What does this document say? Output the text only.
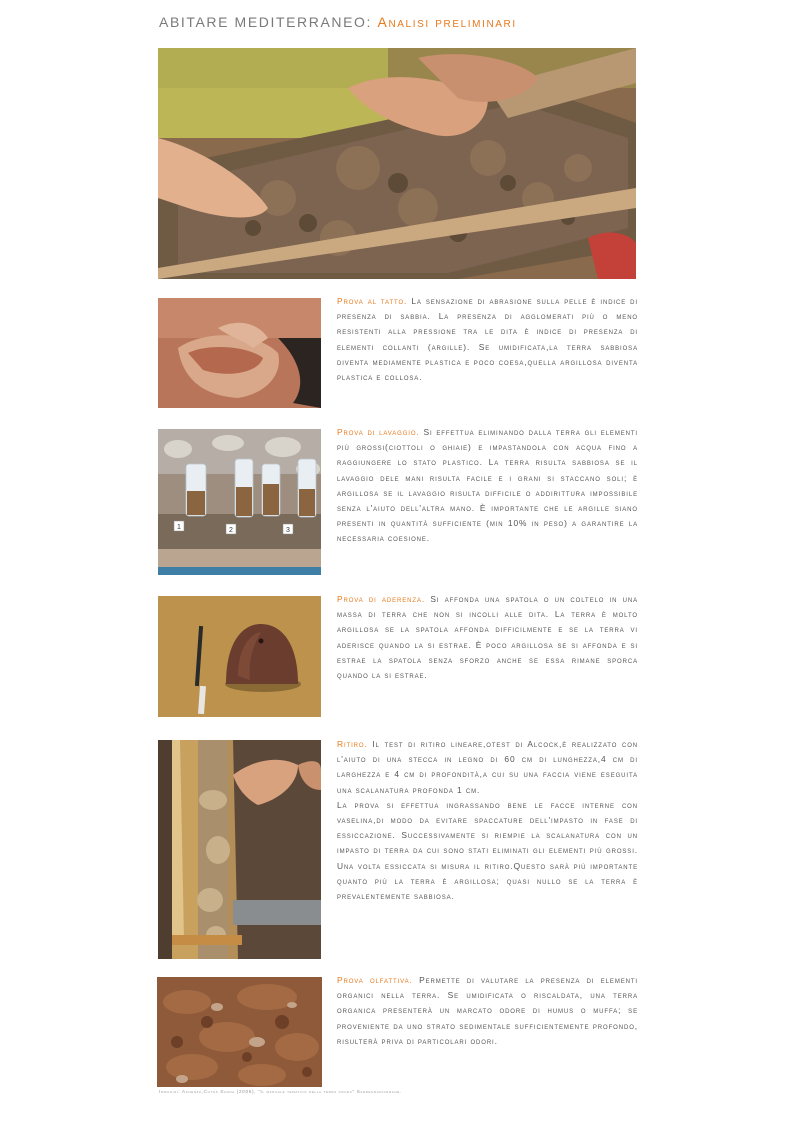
ABITARE MEDITERRANEO: Analisi preliminari

Prova al tatto. La sensazione di abrasione sulla pelle è indice di presenza di sabbia. La presenza di agglomerati più o meno resistenti alla pressione tra le dita è indice di presenza di elementi collanti (argille). Se umidificata,la terra sabbiosa diventa mediamente plastica e poco coesa,quella argillosa diventa plastica e collosa.

1	2	3

Prova di lavaggio. Si effettua eliminando dalla terra gli elementi più grossi(ciottoli o ghiaie) e impastandola con acqua fino a raggiungere lo stato plastico. La terra risulta sabbiosa se il lavaggio dele mani risulta facile e i grani si staccano soli; è argillosa se il lavaggio risulta difficile o addirittura impossibile senza l'aiuto dell'altra mano. È importante che le argille siano presenti in quantità sufficiente (min 10% in peso) a garantire la necessaria coesione.

Prova di aderenza. Si affonda una spatola o un coltelo in una massa di terra che non si incolli alle dita. La terra è molto argillosa se la spatola affonda difficilmente e se la terra vi aderisce quando la si estrae. È poco argillosa se si affonda e si estrae la spatola senza sforzo anche se essa rimane sporca quando la si estrae.

Ritiro. Il test di ritiro lineare,otest di Alcock,è realizzato con l'aiuto di una stecca in legno di 60 cm di lunghezza,4 cm di larghezza e 4 cm di profondità,a cui su una faccia viene eseguita una scalanatura profonda 1 cm.

La prova si effettua ingrassando bene le facce interne con vaselina,di modo da evitare spaccature dell'impasto in fase di essiccazione. Successivamente si riempie la scalanatura con un impasto di terra da cui sono stati eliminati gli elementi più grossi. Una volta essiccata si misura il ritiro.Questo sarà più importante quanto più la terra è argillosa; quasi nullo se la terra è prevalentemente sabbiosa.

Prova olfattiva. Permette di valutare la presenza di elementi organici nella terra. Se umidificata o riscaldata, una terra organica presenterà un marcato odore di humus o muffa; se proveniente da uno strato sedimentale sufficientemente profondo, risulterà priva di particolari odori.

Immagini: Achenza,Cutos Sanna (2006), "Il manuale tematico della terra cruda" Sardegnaricerche.
